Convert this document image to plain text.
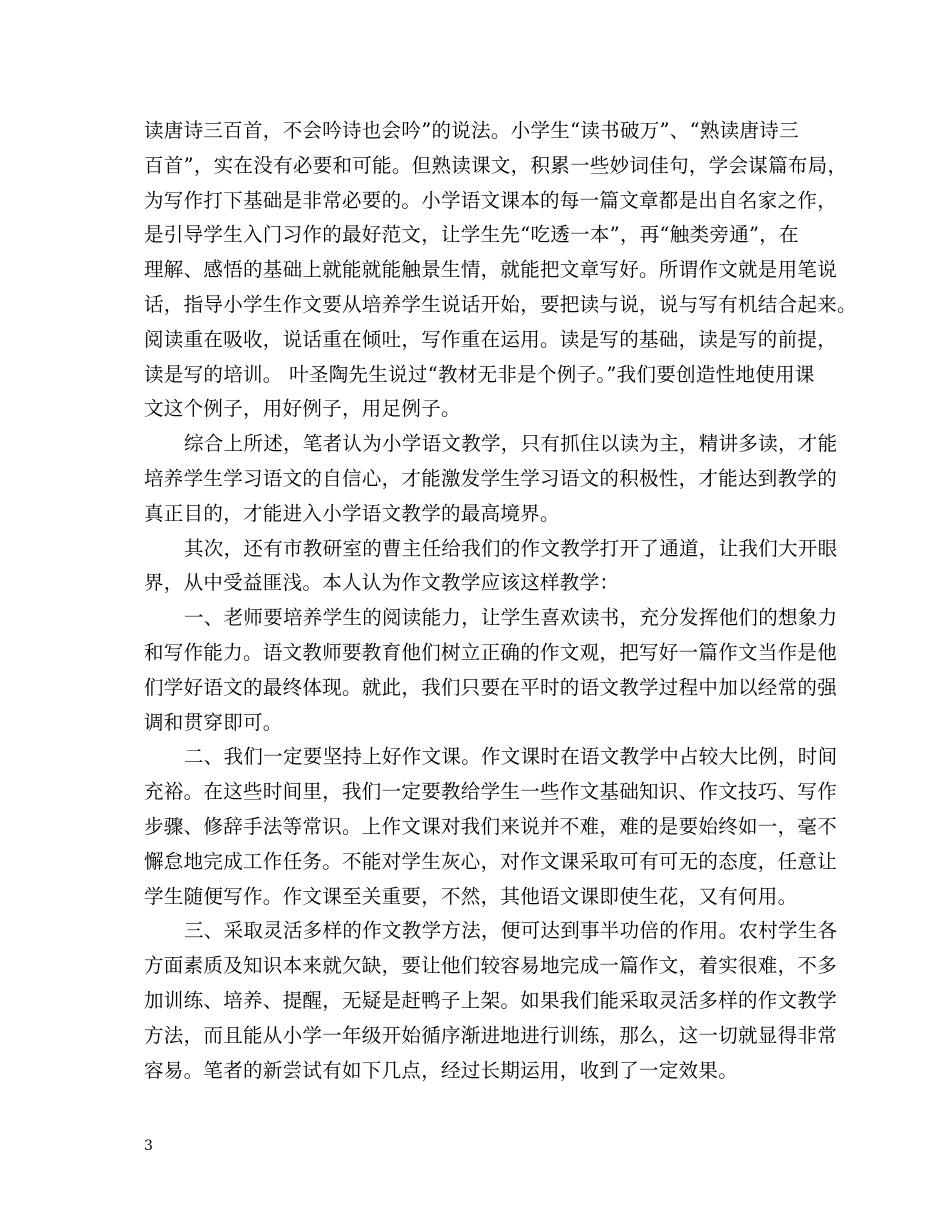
读唐诗三百首，不会吟诗也会吟”的说法。小学生“读书破万”、“熟读唐诗三
百首”，实在没有必要和可能。但熟读课文，积累一些妙词佳句，学会谋篇布局，
为写作打下基础是非常必要的。小学语文课本的每一篇文章都是出自名家之作，
是引导学生入门习作的最好范文，让学生先“吃透一本”，再“触类旁通”，在
理解、感悟的基础上就能就能触景生情，就能把文章写好。所谓作文就是用笔说
话，指导小学生作文要从培养学生说话开始，要把读与说，说与写有机结合起来。
阅读重在吸收，说话重在倾吐，写作重在运用。读是写的基础，读是写的前提，
读是写的培训。 叶圣陶先生说过“教材无非是个例子。”我们要创造性地使用课
文这个例子，用好例子，用足例子。
综合上所述，笔者认为小学语文教学，只有抓住以读为主，精讲多读，才能
培养学生学习语文的自信心，才能激发学生学习语文的积极性，才能达到教学的
真正目的，才能进入小学语文教学的最高境界。
其次，还有市教研室的曹主任给我们的作文教学打开了通道，让我们大开眼
界，从中受益匪浅。本人认为作文教学应该这样教学：
一、老师要培养学生的阅读能力，让学生喜欢读书，充分发挥他们的想象力
和写作能力。语文教师要教育他们树立正确的作文观，把写好一篇作文当作是他
们学好语文的最终体现。就此，我们只要在平时的语文教学过程中加以经常的强
调和贯穿即可。
二、我们一定要坚持上好作文课。作文课时在语文教学中占较大比例，时间
充裕。在这些时间里，我们一定要教给学生一些作文基础知识、作文技巧、写作
步骤、修辞手法等常识。上作文课对我们来说并不难，难的是要始终如一，毫不
懈怠地完成工作任务。不能对学生灰心，对作文课采取可有可无的态度，任意让
学生随便写作。作文课至关重要，不然，其他语文课即使生花，又有何用。
三、采取灵活多样的作文教学方法，便可达到事半功倍的作用。农村学生各
方面素质及知识本来就欠缺，要让他们较容易地完成一篇作文，着实很难，不多
加训练、培养、提醒，无疑是赶鸭子上架。如果我们能采取灵活多样的作文教学
方法，而且能从小学一年级开始循序渐进地进行训练，那么，这一切就显得非常
容易。笔者的新尝试有如下几点，经过长期运用，收到了一定效果。
3
